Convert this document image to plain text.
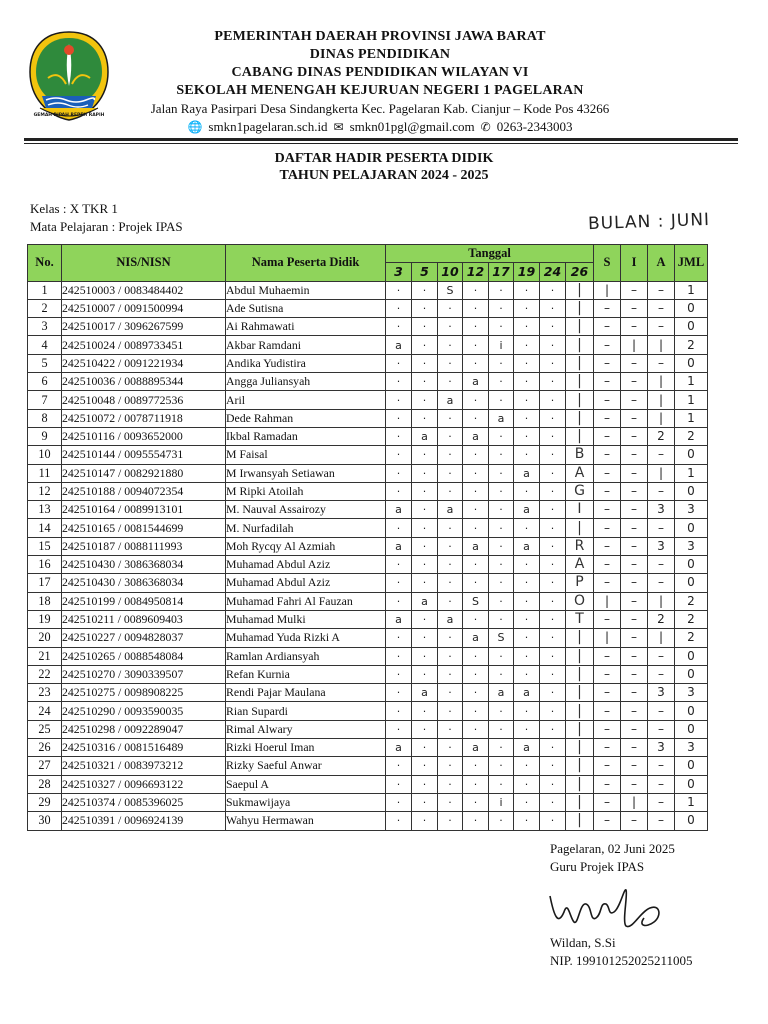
GEMAH RIPAH REPEH RAPIH
PEMERINTAH DAERAH PROVINSI JAWA BARAT
DINAS PENDIDIKAN
CABANG DINAS PENDIDIKAN WILAYAN VI
SEKOLAH MENENGAH KEJURUAN NEGERI 1 PAGELARAN
Jalan Raya Pasirpari Desa Sindangkerta Kec. Pagelaran Kab. Cianjur – Kode Pos 43266
🌐 smkn1pagelaran.sch.id ✉ smkn01pgl@gmail.com ✆ 0263-2343003
DAFTAR HADIR PESERTA DIDIK
TAHUN PELAJARAN 2024 - 2025
Kelas : X TKR 1
Mata Pelajaran : Projek IPAS	BULAN : JUNI
No.	NIS/NISN	Nama Peserta Didik	Tanggal								S	I	A	JML
			3	5	10	12	17	19	24	26				
1	242510003 / 0083484402	Abdul Muhaemin	·	·	S	·	·	·	·	|	|	–	–	1
2	242510007 / 0091500994	Ade Sutisna	·	·	·	·	·	·	·	|	–	–	–	0
3	242510017 / 3096267599	Ai Rahmawati	·	·	·	·	·	·	·	|	–	–	–	0
4	242510024 / 0089733451	Akbar Ramdani	a	·	·	·	i	·	·	|	–	|	|	2
5	242510422 / 0091221934	Andika Yudistira	·	·	·	·	·	·	·	|	–	–	–	0
6	242510036 / 0088895344	Angga Juliansyah	·	·	·	a	·	·	·	|	–	–	|	1
7	242510048 / 0089772536	Aril	·	·	a	·	·	·	·	|	–	–	|	1
8	242510072 / 0078711918	Dede Rahman	·	·	·	·	a	·	·	|	–	–	|	1
9	242510116 / 0093652000	Ikbal Ramadan	·	a	·	a	·	·	·	|	–	–	2	2
10	242510144 / 0095554731	M Faisal	·	·	·	·	·	·	·	B	–	–	–	0
11	242510147 / 0082921880	M Irwansyah Setiawan	·	·	·	·	·	a	·	A	–	–	|	1
12	242510188 / 0094072354	M Ripki Atoilah	·	·	·	·	·	·	·	G	–	–	–	0
13	242510164 / 0089913101	M. Nauval Assairozy	a	·	a	·	·	a	·	I	–	–	3	3
14	242510165 / 0081544699	M. Nurfadilah	·	·	·	·	·	·	·	|	–	–	–	0
15	242510187 / 0088111993	Moh Rycqy Al Azmiah	a	·	·	a	·	a	·	R	–	–	3	3
16	242510430 / 3086368034	Muhamad Abdul Aziz	·	·	·	·	·	·	·	A	–	–	–	0
17	242510430 / 3086368034	Muhamad Abdul Aziz	·	·	·	·	·	·	·	P	–	–	–	0
18	242510199 / 0084950814	Muhamad Fahri Al Fauzan	·	a	·	S	·	·	·	O	|	–	|	2
19	242510211 / 0089609403	Muhamad Mulki	a	·	a	·	·	·	·	T	–	–	2	2
20	242510227 / 0094828037	Muhamad Yuda Rizki A	·	·	·	a	S	·	·	|	|	–	|	2
21	242510265 / 0088548084	Ramlan Ardiansyah	·	·	·	·	·	·	·	|	–	–	–	0
22	242510270 / 3090339507	Refan Kurnia	·	·	·	·	·	·	·	|	–	–	–	0
23	242510275 / 0098908225	Rendi Pajar Maulana	·	a	·	·	a	a	·	|	–	–	3	3
24	242510290 / 0093590035	Rian Supardi	·	·	·	·	·	·	·	|	–	–	–	0
25	242510298 / 0092289047	Rimal Alwary	·	·	·	·	·	·	·	|	–	–	–	0
26	242510316 / 0081516489	Rizki Hoerul Iman	a	·	·	a	·	a	·	|	–	–	3	3
27	242510321 / 0083973212	Rizky Saeful Anwar	·	·	·	·	·	·	·	|	–	–	–	0
28	242510327 / 0096693122	Saepul A	·	·	·	·	·	·	·	|	–	–	–	0
29	242510374 / 0085396025	Sukmawijaya	·	·	·	·	i	·	·	|	–	|	–	1
30	242510391 / 0096924139	Wahyu Hermawan	·	·	·	·	·	·	·	|	–	–	–	0
Pagelaran, 02 Juni 2025
Guru Projek IPAS
Wildan, S.Si
NIP. 199101252025211005
